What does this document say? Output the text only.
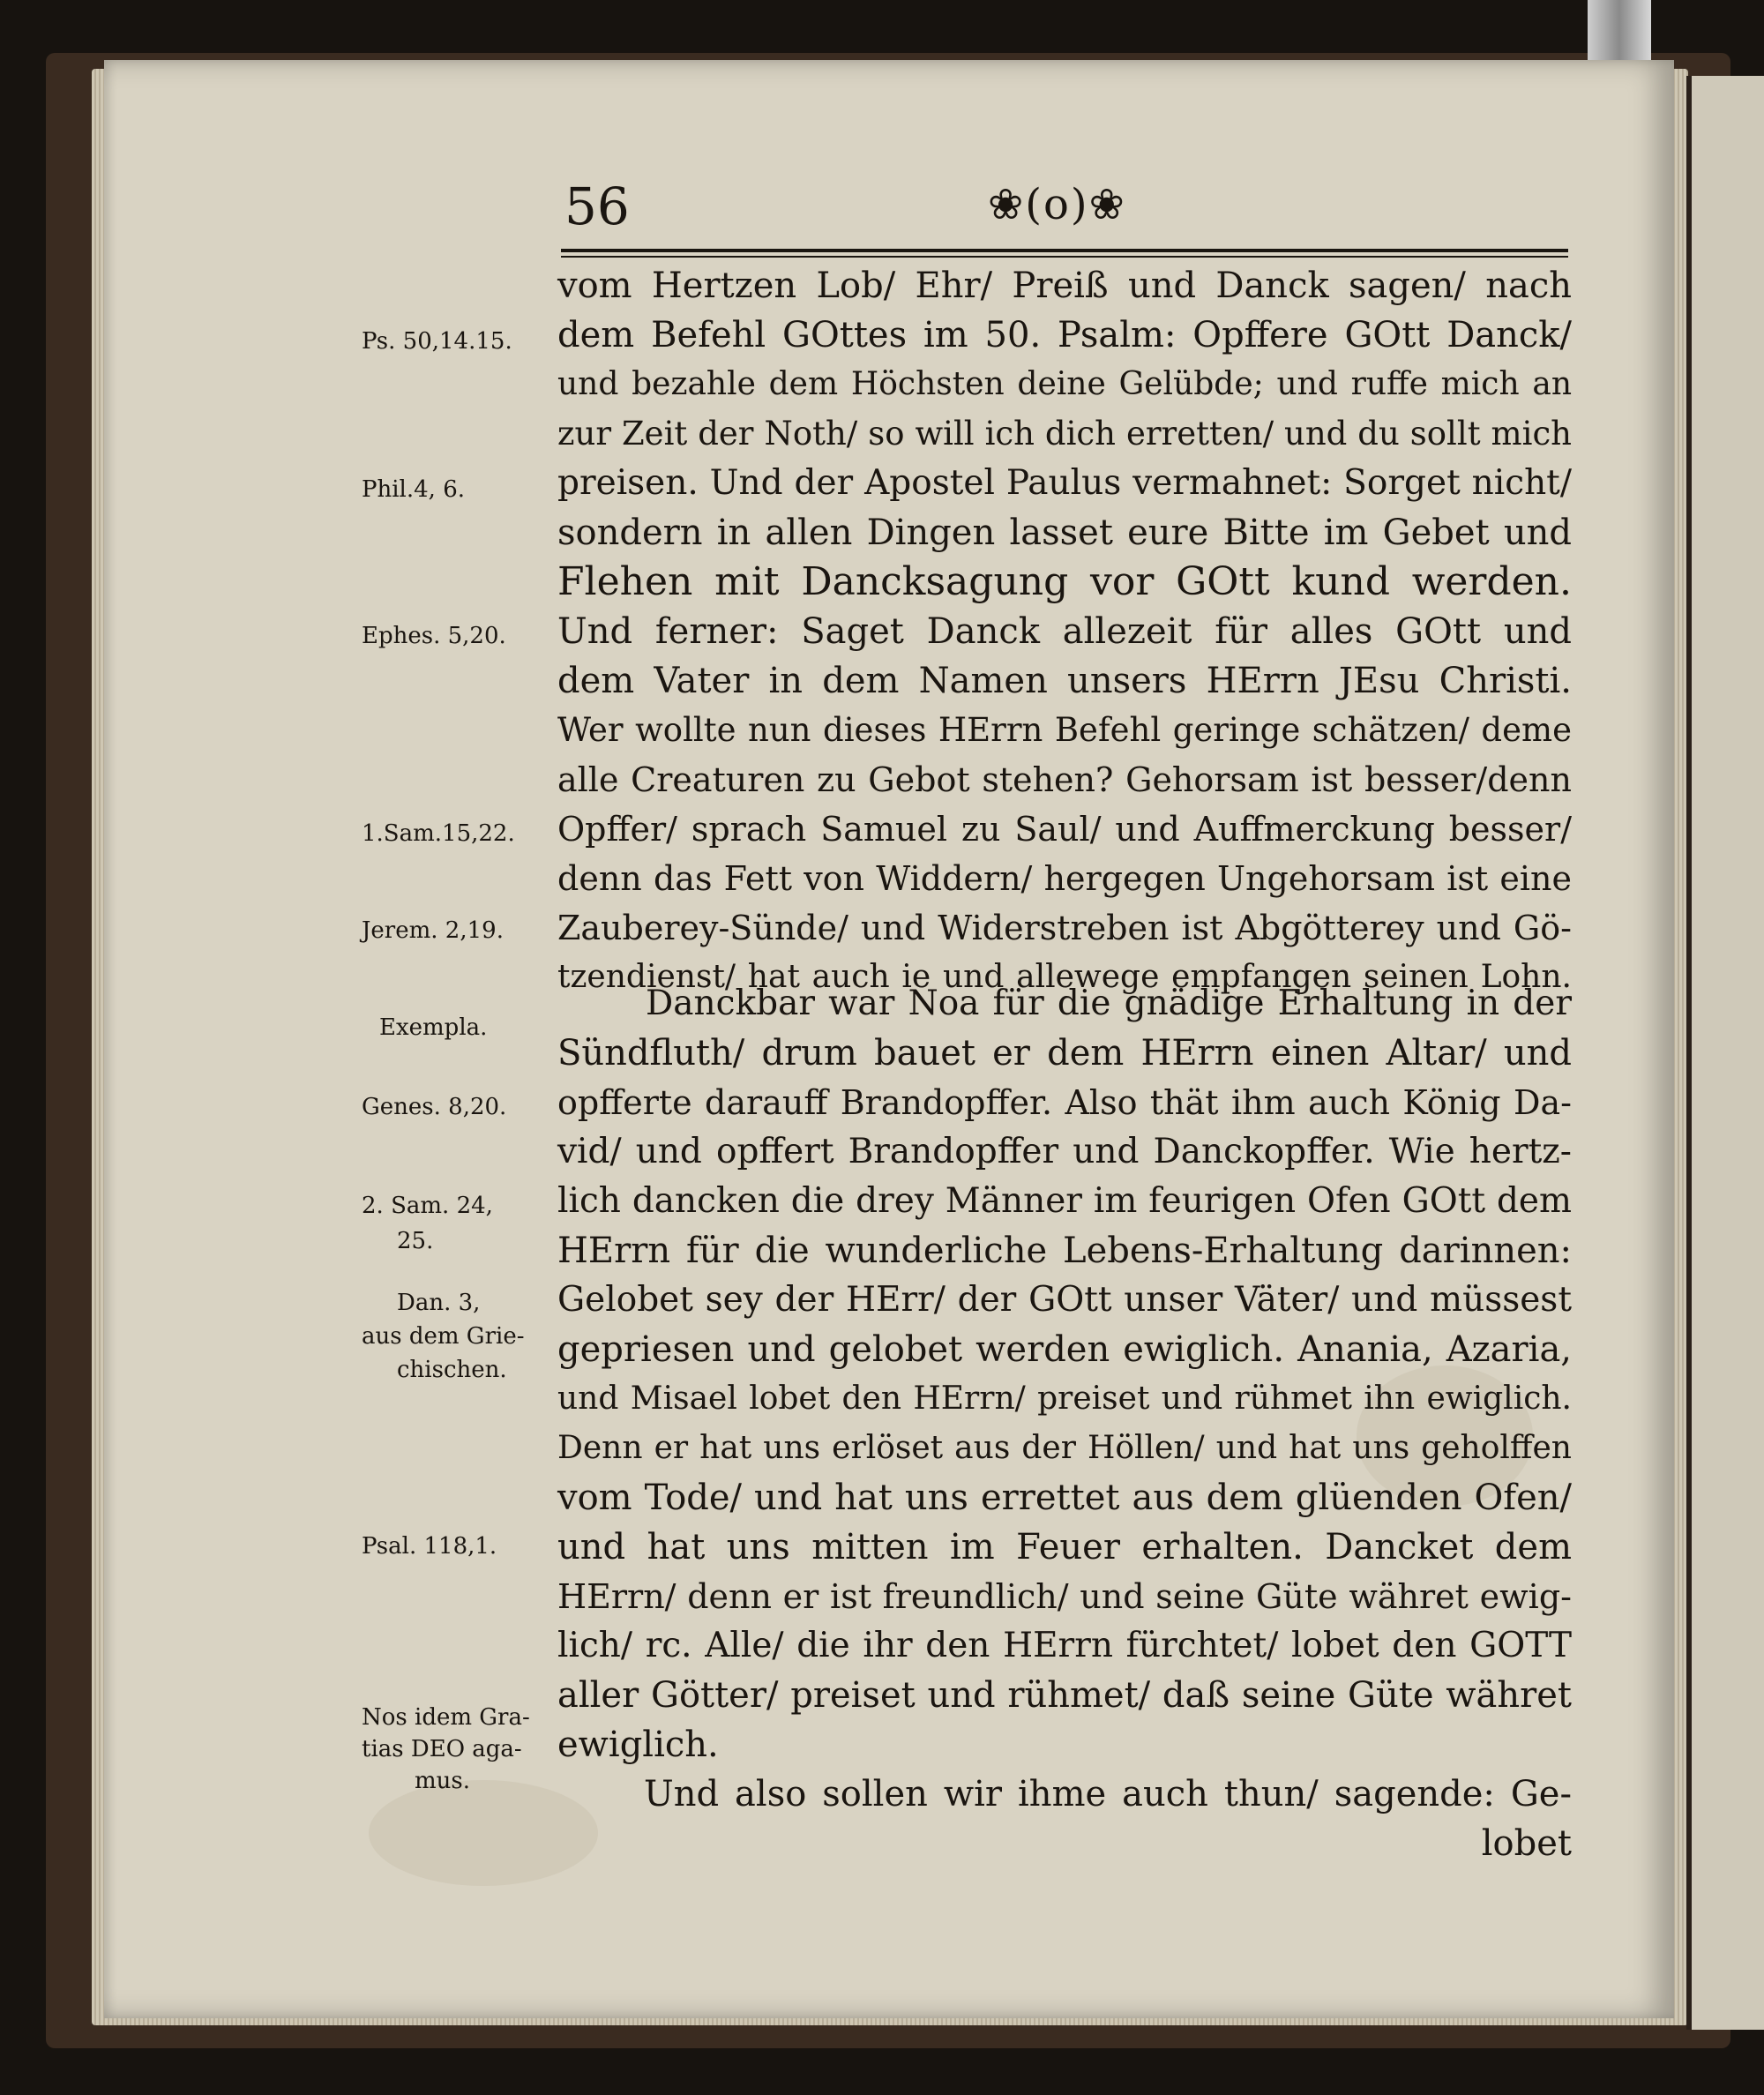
56	❀(o)❀
vom Hertzen Lob/ Ehr/ Preiß und Danck sagen/ nach
dem Befehl GOttes im 50. Psalm: Opffere GOtt Danck/
und bezahle dem Höchsten deine Gelübde; und ruffe mich an
zur Zeit der Noth/ so will ich dich erretten/ und du sollt mich
preisen. Und der Apostel Paulus vermahnet: Sorget nicht/
sondern in allen Dingen lasset eure Bitte im Gebet und
Flehen mit Dancksagung vor GOtt kund werden.
Und ferner: Saget Danck allezeit für alles GOtt und
dem Vater in dem Namen unsers HErrn JEsu Christi.
Wer wollte nun dieses HErrn Befehl geringe schätzen/ deme
alle Creaturen zu Gebot stehen? Gehorsam ist besser/denn
Opffer/ sprach Samuel zu Saul/ und Auffmerckung besser/
denn das Fett von Widdern/ hergegen Ungehorsam ist eine
Zauberey-Sünde/ und Widerstreben ist Abgötterey und Gö-
tzendienst/ hat auch ie und allewege empfangen seinen Lohn.
Danckbar war Noa für die gnädige Erhaltung in der
Sündfluth/ drum bauet er dem HErrn einen Altar/ und
opfferte darauff Brandopffer. Also thät ihm auch König Da-
vid/ und opffert Brandopffer und Danckopffer. Wie hertz-
lich dancken die drey Männer im feurigen Ofen GOtt dem
HErrn für die wunderliche Lebens-Erhaltung darinnen:
Gelobet sey der HErr/ der GOtt unser Väter/ und müssest
gepriesen und gelobet werden ewiglich. Anania, Azaria,
und Misael lobet den HErrn/ preiset und rühmet ihn ewiglich.
Denn er hat uns erlöset aus der Höllen/ und hat uns geholffen
vom Tode/ und hat uns errettet aus dem glüenden Ofen/
und hat uns mitten im Feuer erhalten. Dancket dem
HErrn/ denn er ist freundlich/ und seine Güte währet ewig-
lich/ rc. Alle/ die ihr den HErrn fürchtet/ lobet den GOTT
aller Götter/ preiset und rühmet/ daß seine Güte währet
ewiglich.
Und also sollen wir ihme auch thun/ sagende: Ge-
lobet
Ps. 50,14.15.
Phil.4, 6.
Ephes. 5,20.
1.Sam.15,22.
Jerem. 2,19.
Exempla.
Genes. 8,20.
2. Sam. 24,
25.
Dan. 3,
aus dem Grie-
chischen.
Psal. 118,1.
Nos idem Gra-
tias DEO aga-
mus.
